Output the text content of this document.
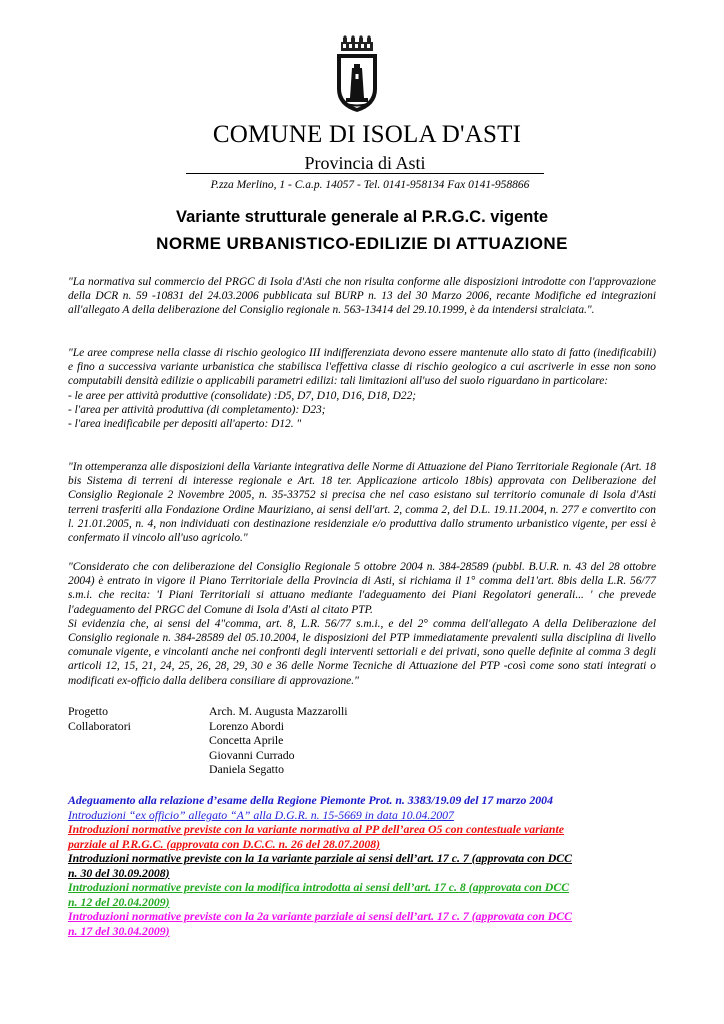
COMUNE DI ISOLA D'ASTI
Provincia di Asti
P.zza Merlino, 1 - C.a.p. 14057 - Tel. 0141-958134 Fax 0141-958866
Variante strutturale generale al P.R.G.C. vigente
NORME URBANISTICO-EDILIZIE DI ATTUAZIONE

"La normativa sul commercio del PRGC di Isola d'Asti che non risulta conforme alle disposizioni introdotte con l'approvazione della DCR n. 59 -10831 del 24.03.2006 pubblicata sul BURP n. 13 del 30 Marzo 2006, recante Modifiche ed integrazioni all'allegato A della deliberazione del Consiglio regionale n. 563-13414 del 29.10.1999, è da intendersi stralciata.".

"Le aree comprese nella classe di rischio geologico III indifferenziata devono essere mantenute allo stato di fatto (inedificabili) e fino a successiva variante urbanistica che stabilisca l'effettiva classe di rischio geologico a cui ascriverle in esse non sono computabili densità edilizie o applicabili parametri edilizi: tali limitazioni all'uso del suolo riguardano in particolare:

- le aree per attività produttive (consolidate) :D5, D7, D10, D16, D18, D22;
- l'area per attività produttiva (di completamento): D23;
- l'area inedificabile per depositi all'aperto: D12. "

"In ottemperanza alle disposizioni della Variante integrativa delle Norme di Attuazione del Piano Territoriale Regionale (Art. 18 bis Sistema di terreni di interesse regionale e Art. 18 ter. Applicazione articolo 18bis) approvata con Deliberazione del Consiglio Regionale 2 Novembre 2005, n. 35-33752 si precisa che nel caso esistano sul territorio comunale di Isola d'Asti terreni trasferiti alla Fondazione Ordine Mauriziano, ai sensi dell'art. 2, comma 2, del D.L. 19.11.2004, n. 277 e convertito con l. 21.01.2005, n. 4, non individuati con destinazione residenziale e/o produttiva dallo strumento urbanistico vigente, per essi è confermato il vincolo all'uso agricolo."

"Considerato che con deliberazione del Consiglio Regionale 5 ottobre 2004 n. 384-28589 (pubbl. B.U.R. n. 43 del 28 ottobre 2004) è entrato in vigore il Piano Territoriale della Provincia di Asti, si richiama il 1° comma del1'art. 8bis della L.R. 56/77 s.m.i. che recita: 'I Piani Territoriali si attuano mediante l'adeguamento dei Piani Regolatori generali... ' che prevede l'adeguamento del PRGC del Comune di Isola d'Asti al citato PTP.

Si evidenzia che, ai sensi del 4"comma, art. 8, L.R. 56/77 s.m.i., e del 2° comma dell'allegato A della Deliberazione del Consiglio regionale n. 384-28589 del 05.10.2004, le disposizioni del PTP immediatamente prevalenti sulla disciplina di livello comunale vigente, e vincolanti anche nei confronti degli interventi settoriali e dei privati, sono quelle definite al comma 3 degli articoli 12, 15, 21, 24, 25, 26, 28, 29, 30 e 36 delle Norme Tecniche di Attuazione del PTP -così come sono stati integrati o modificati ex-officio dalla delibera consiliare di approvazione."

Progetto	Arch. M. Augusta Mazzarolli
Collaboratori	Lorenzo Abordi
Concetta Aprile
Giovanni Currado
Daniela Segatto
Adeguamento alla relazione d’esame della Regione Piemonte Prot. n. 3383/19.09 del 17 marzo 2004
Introduzioni “ex officio” allegato “A” alla D.G.R. n. 15-5669 in data 10.04.2007
Introduzioni normative previste con la variante normativa al PP dell’area O5 con contestuale variante
parziale al P.R.G.C. (approvata con D.C.C. n. 26 del 28.07.2008)
Introduzioni normative previste con la 1a variante parziale ai sensi dell’art. 17 c. 7 (approvata con DCC
n. 30 del 30.09.2008)
Introduzioni normative previste con la modifica introdotta ai sensi dell’art. 17 c. 8 (approvata con DCC
n. 12 del 20.04.2009)
Introduzioni normative previste con la 2a variante parziale ai sensi dell’art. 17 c. 7 (approvata con DCC
n. 17 del 30.04.2009)
